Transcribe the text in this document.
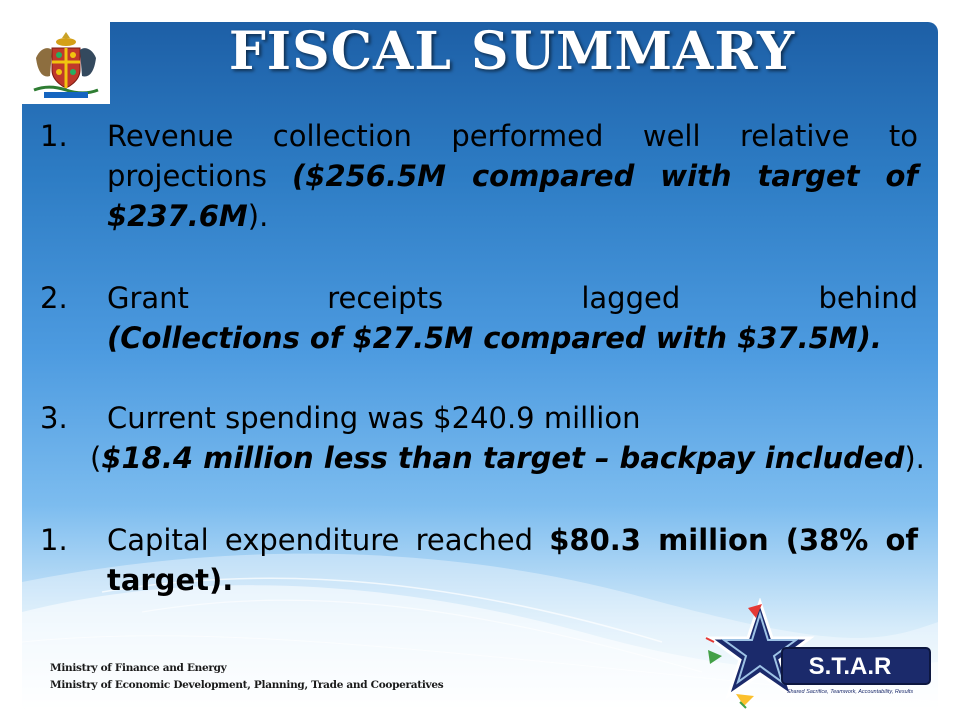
FISCAL SUMMARY
1. Revenue collection performed well relative to projections ($256.5M compared with target of $237.6M).
2. Grant receipts lagged behind
(Collections of $27.5M compared with $37.5M).
3. Current spending was $240.9 million
($18.4 million less than target – backpay included).
1. Capital expenditure reached $80.3 million (38% of target).
Ministry of Finance and Energy
Ministry of Economic Development, Planning, Trade and Cooperatives
S.T.A.R
Shared Sacrifice, Teamwork, Accountability, Results
